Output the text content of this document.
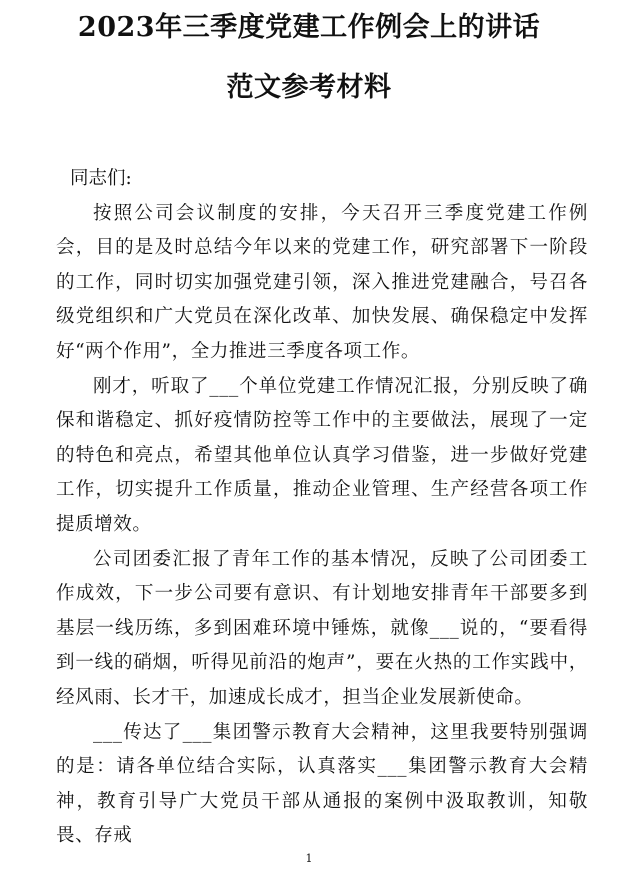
2023年三季度党建工作例会上的讲话
范文参考材料

同志们:

按照公司会议制度的安排，今天召开三季度党建工作例会，目的是及时总结今年以来的党建工作，研究部署下一阶段的工作，同时切实加强党建引领，深入推进党建融合，号召各级党组织和广大党员在深化改革、加快发展、确保稳定中发挥好“两个作用”，全力推进三季度各项工作。

刚才，听取了___个单位党建工作情况汇报，分别反映了确保和谐稳定、抓好疫情防控等工作中的主要做法，展现了一定的特色和亮点，希望其他单位认真学习借鉴，进一步做好党建工作，切实提升工作质量，推动企业管理、生产经营各项工作提质增效。

公司团委汇报了青年工作的基本情况，反映了公司团委工作成效，下一步公司要有意识、有计划地安排青年干部要多到基层一线历练，多到困难环境中锤炼，就像___说的，“要看得到一线的硝烟，听得见前沿的炮声”，要在火热的工作实践中，经风雨、长才干，加速成长成才，担当企业发展新使命。

___传达了___集团警示教育大会精神，这里我要特别强调的是：请各单位结合实际，认真落实___集团警示教育大会精神，教育引导广大党员干部从通报的案例中汲取教训，知敬畏、存戒

1
